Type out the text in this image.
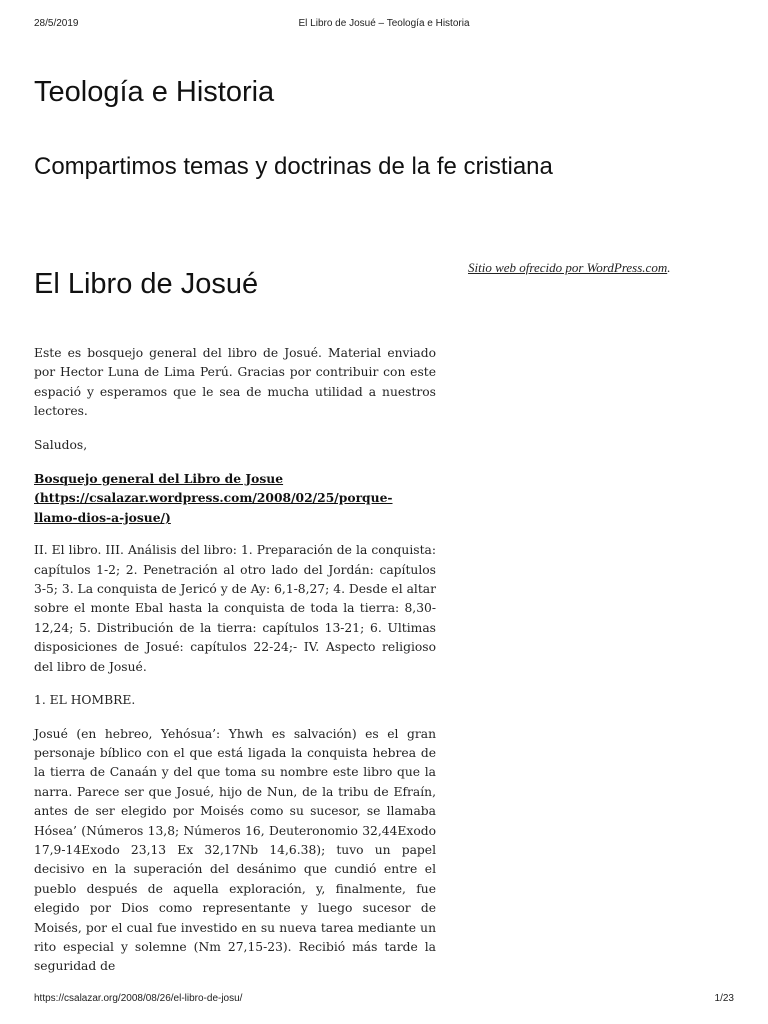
28/5/2019	El Libro de Josué – Teología e Historia
Teología e Historia
Compartimos temas y doctrinas de la fe cristiana
Sitio web ofrecido por WordPress.com.
El Libro de Josué

Este es bosquejo general del libro de Josué. Material enviado por Hector Luna de Lima Perú. Gracias por contribuir con este espació y esperamos que le sea de mucha utilidad a nuestros lectores.

Saludos,

Bosquejo general del Libro de Josue (https://csalazar.wordpress.com/2008/02/25/porque-llamo-dios-a-josue/)

II. El libro. III. Análisis del libro: 1. Preparación de la conquista: capítulos 1-2; 2. Penetración al otro lado del Jordán: capítulos 3-5; 3. La conquista de Jericó y de Ay: 6,1-8,27; 4. Desde el altar sobre el monte Ebal hasta la conquista de toda la tierra: 8,30-12,24; 5. Distribución de la tierra: capítulos 13-21; 6. Ultimas disposiciones de Josué: capítulos 22-24;- IV. Aspecto religioso del libro de Josué.

1. EL HOMBRE.

Josué (en hebreo, Yehósua’: Yhwh es salvación) es el gran personaje bíblico con el que está ligada la conquista hebrea de la tierra de Canaán y del que toma su nombre este libro que la narra. Parece ser que Josué, hijo de Nun, de la tribu de Efraín, antes de ser elegido por Moisés como su sucesor, se llamaba Hósea’ (Números 13,8; Números 16, Deuteronomio 32,44Exodo 17,9-14Exodo 23,13 Ex 32,17Nb 14,6.38); tuvo un papel decisivo en la superación del desánimo que cundió entre el pueblo después de aquella exploración, y, finalmente, fue elegido por Dios como representante y luego sucesor de Moisés, por el cual fue investido en su nueva tarea mediante un rito especial y solemne (Nm 27,15-23). Recibió más tarde la seguridad de

https://csalazar.org/2008/08/26/el-libro-de-josu/	1/23
